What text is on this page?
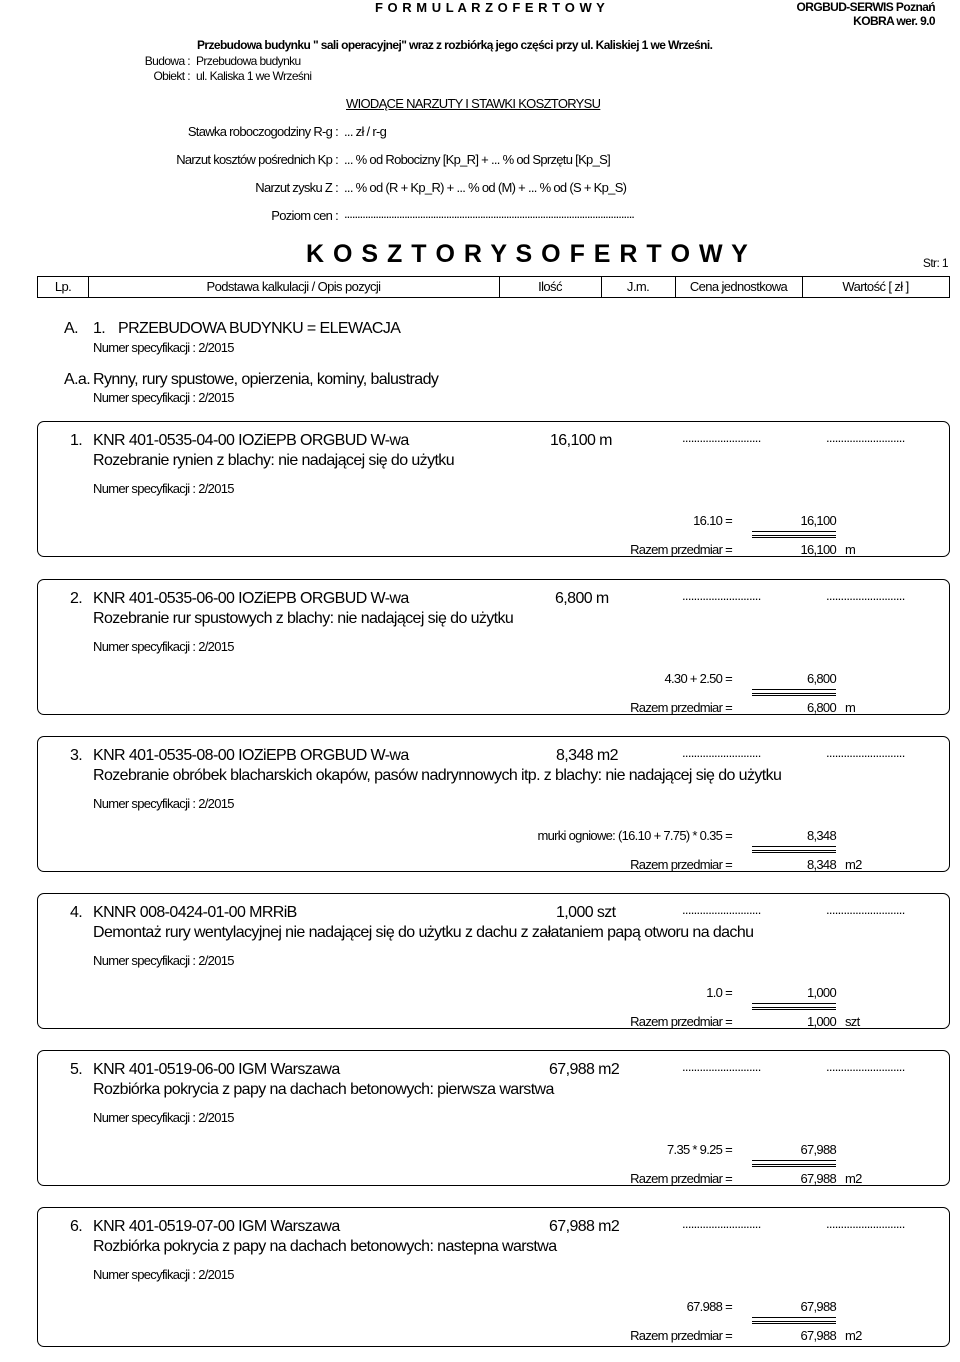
F O R M U L A R Z O F E R T O W Y	ORGBUD-SERWIS Poznań
KOBRA wer. 9.0
Przebudowa budynku " sali operacyjnej" wraz z rozbiórką jego części przy ul. Kaliskiej 1 we Wrześni.
Budowa : Przebudowa budynku
Obiekt : ul. Kaliska 1 we Wrześni
WIODĄCE NARZUTY I STAWKI KOSZTORYSU
Stawka roboczogodziny R-g : ... zł / r-g
Narzut kosztów pośrednich Kp : ... % od Robocizny [Kp_R] + ... % od Sprzętu [Kp_S]
Narzut zysku Z : ... % od (R + Kp_R) + ... % od (M) + ... % od (S + Kp_S)
Poziom cen : ...............................................................................................................
K O S Z T O R Y S O F E R T O W Y	Str: 1
Lp.	Podstawa kalkulacji / Opis pozycji	Ilość	J.m.	Cena jednostkowa	Wartość [ zł ]
A. 1. PRZEBUDOWA BUDYNKU = ELEWACJA
Numer specyfikacji : 2/2015
A.a. Rynny, rury spustowe, opierzenia, kominy, balustrady
Numer specyfikacji : 2/2015
1. KNR 401-0535-04-00 IOZiEPB ORGBUD W-wa	16,100 m	...........................	...........................
Rozebranie rynien z blachy: nie nadającej się do użytku
Numer specyfikacji : 2/2015
16.10 =	16,100
Razem przedmiar =	16,100 m
2. KNR 401-0535-06-00 IOZiEPB ORGBUD W-wa	6,800 m	...........................	...........................
Rozebranie rur spustowych z blachy: nie nadającej się do użytku
Numer specyfikacji : 2/2015
4.30 + 2.50 =	6,800
Razem przedmiar =	6,800 m
3. KNR 401-0535-08-00 IOZiEPB ORGBUD W-wa	8,348 m2	...........................	...........................
Rozebranie obróbek blacharskich okapów, pasów nadrynnowych itp. z blachy: nie nadającej się do użytku
Numer specyfikacji : 2/2015
murki ogniowe: (16.10 + 7.75) * 0.35 =	8,348
Razem przedmiar =	8,348 m2
4. KNNR 008-0424-01-00 MRRiB	1,000 szt	...........................	...........................
Demontaż rury wentylacyjnej nie nadającej się do użytku z dachu z załataniem papą otworu na dachu
Numer specyfikacji : 2/2015
1.0 =	1,000
Razem przedmiar =	1,000 szt
5. KNR 401-0519-06-00 IGM Warszawa	67,988 m2	...........................	...........................
Rozbiórka pokrycia z papy na dachach betonowych: pierwsza warstwa
Numer specyfikacji : 2/2015
7.35 * 9.25 =	67,988
Razem przedmiar =	67,988 m2
6. KNR 401-0519-07-00 IGM Warszawa	67,988 m2	...........................	...........................
Rozbiórka pokrycia z papy na dachach betonowych: nastepna warstwa
Numer specyfikacji : 2/2015
67.988 =	67,988
Razem przedmiar =	67,988 m2
